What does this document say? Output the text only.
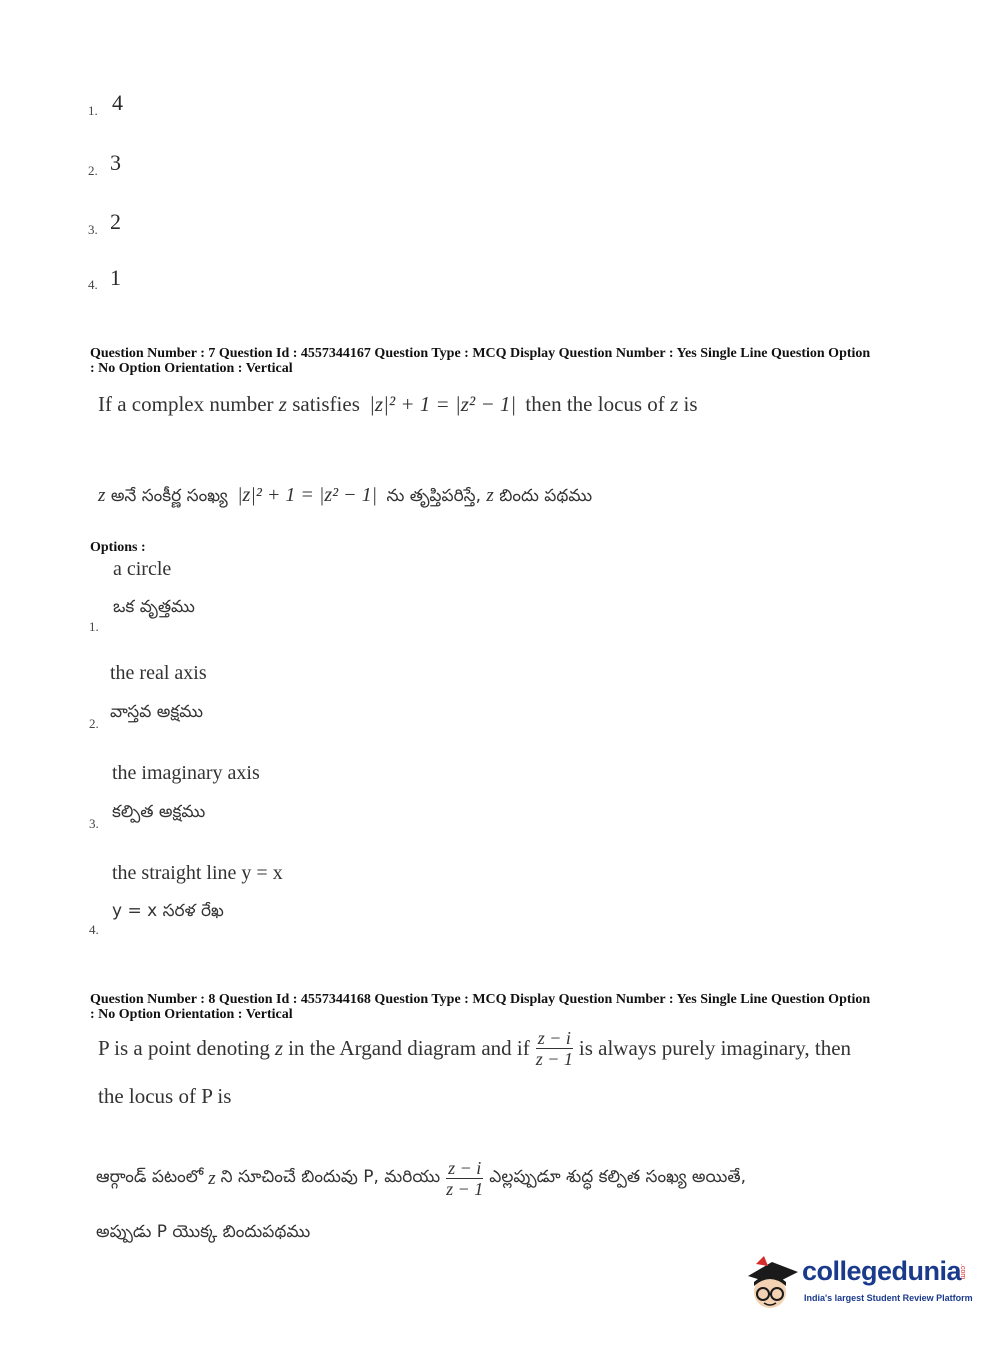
1. 4
2. 3
3. 2
4. 1
Question Number : 7 Question Id : 4557344167 Question Type : MCQ Display Question Number : Yes Single Line Question Option
: No Option Orientation : Vertical
If a complex number z satisfies |z|² + 1 = |z² − 1| then the locus of z is
z అనే సంకీర్ణ సంఖ్య |z|² + 1 = |z² − 1| ను తృప్తిపరిస్తే, z బిందు పథము
Options :
a circle
ఒక వృత్తము
1.
the real axis
వాస్తవ అక్షము
2.
the imaginary axis
కల్పిత అక్షము
3.
the straight line y = x
y = x సరళ రేఖ
4.
Question Number : 8 Question Id : 4557344168 Question Type : MCQ Display Question Number : Yes Single Line Question Option
: No Option Orientation : Vertical
P is a point denoting z in the Argand diagram and if $\frac{z - i}{z - 1}$ is always purely imaginary, then
the locus of P is
ఆర్గాండ్ పటంలో z ని సూచించే బిందువు P, మరియు $\frac{z - i}{z - 1}$ ఎల్లప్పుడూ శుద్ధ కల్పిత సంఖ్య అయితే,
అప్పుడు P యొక్క బిందుపథము
collegedunia
.com
India's largest Student Review Platform
